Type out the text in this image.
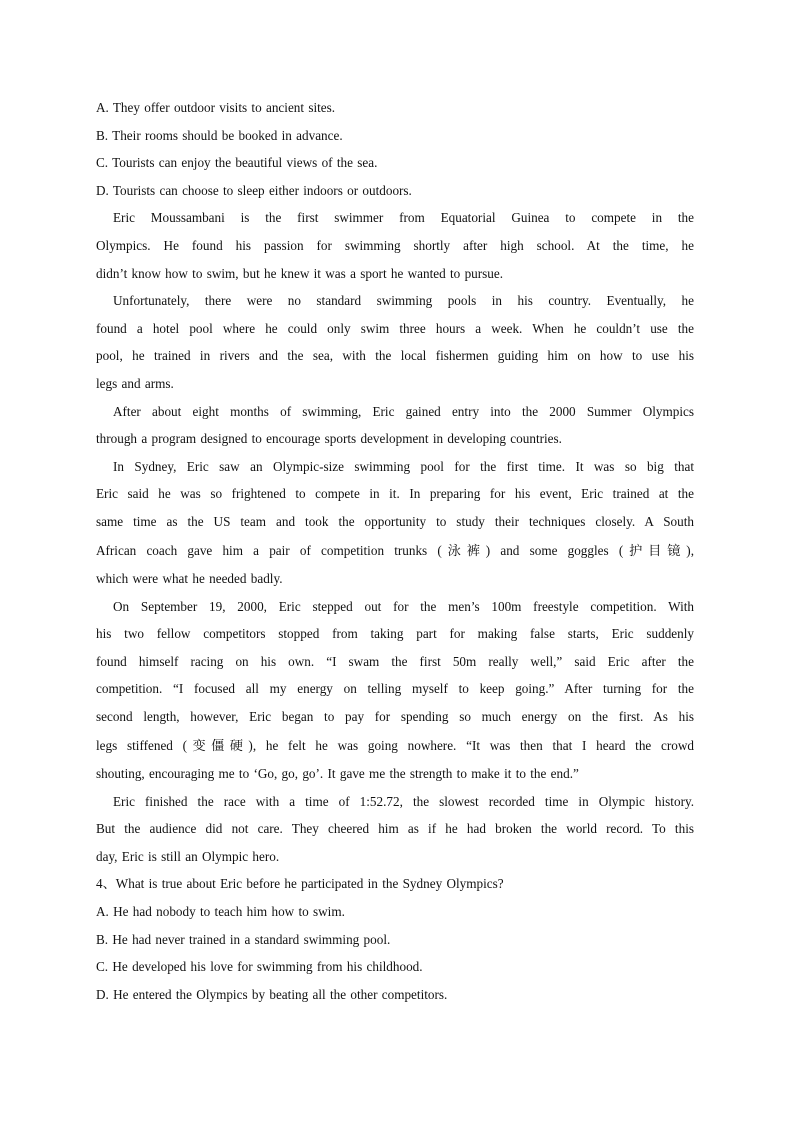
A. They offer outdoor visits to ancient sites.
B. Their rooms should be booked in advance.
C. Tourists can enjoy the beautiful views of the sea.
D. Tourists can choose to sleep either indoors or outdoors.
Eric Moussambani is the first swimmer from Equatorial Guinea to compete in the
Olympics. He found his passion for swimming shortly after high school. At the time, he
didn’t know how to swim, but he knew it was a sport he wanted to pursue.
Unfortunately, there were no standard swimming pools in his country. Eventually, he
found a hotel pool where he could only swim three hours a week. When he couldn’t use the
pool, he trained in rivers and the sea, with the local fishermen guiding him on how to use his
legs and arms.
After about eight months of swimming, Eric gained entry into the 2000 Summer Olympics
through a program designed to encourage sports development in developing countries.
In Sydney, Eric saw an Olympic-size swimming pool for the first time. It was so big that
Eric said he was so frightened to compete in it. In preparing for his event, Eric trained at the
same time as the US team and took the opportunity to study their techniques closely. A South
African coach gave him a pair of competition trunks (泳裤) and some goggles (护目镜),
which were what he needed badly.
On September 19, 2000, Eric stepped out for the men’s 100m freestyle competition. With
his two fellow competitors stopped from taking part for making false starts, Eric suddenly
found himself racing on his own. “I swam the first 50m really well,” said Eric after the
competition. “I focused all my energy on telling myself to keep going.” After turning for the
second length, however, Eric began to pay for spending so much energy on the first. As his
legs stiffened (变僵硬), he felt he was going nowhere. “It was then that I heard the crowd
shouting, encouraging me to ‘Go, go, go’. It gave me the strength to make it to the end.”
Eric finished the race with a time of 1:52.72, the slowest recorded time in Olympic history.
But the audience did not care. They cheered him as if he had broken the world record. To this
day, Eric is still an Olympic hero.
4、What is true about Eric before he participated in the Sydney Olympics?
A. He had nobody to teach him how to swim.
B. He had never trained in a standard swimming pool.
C. He developed his love for swimming from his childhood.
D. He entered the Olympics by beating all the other competitors.
